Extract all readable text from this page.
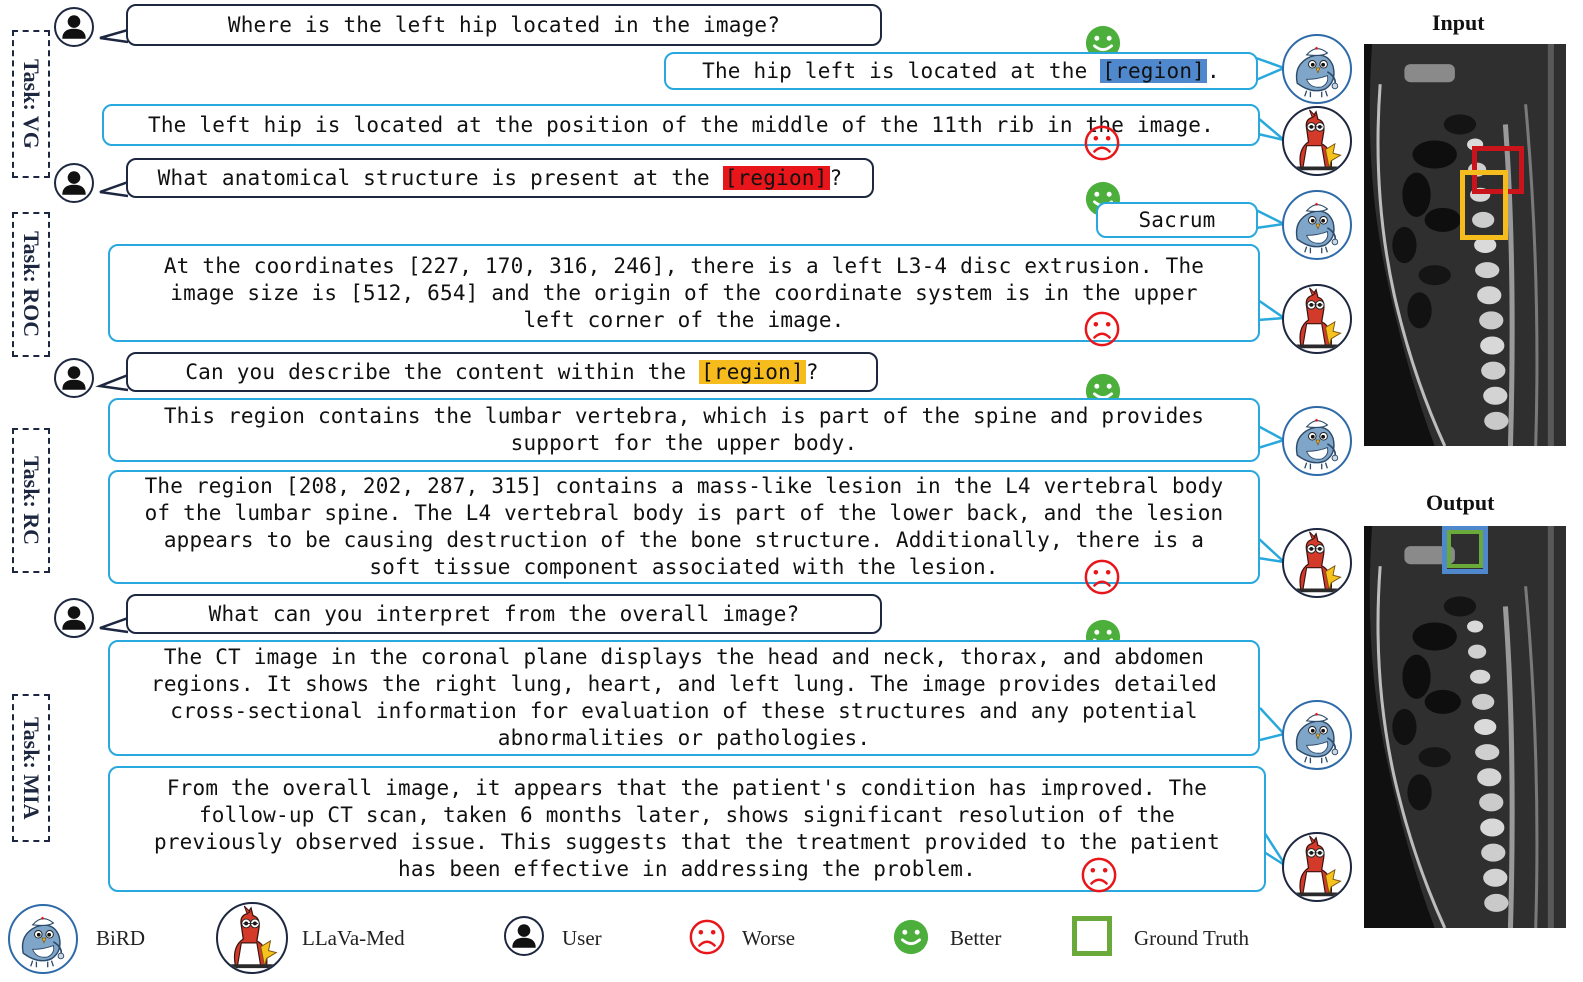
Task: VG
Task: ROC
Task: RC
Task: MIA
Where is the left hip located in the image?
The hip left is located at the [region].
The left hip is located at the position of the middle of the 11th rib in the image.
What anatomical structure is present at the [region]?
Sacrum
At the coordinates [227, 170, 316, 246], there is a left L3-4 disc extrusion. The
image size is [512, 654] and the origin of the coordinate system is in the upper
left corner of the image.
Can you describe the content within the [region]?
This region contains the lumbar vertebra, which is part of the spine and provides
support for the upper body.
The region [208, 202, 287, 315] contains a mass-like lesion in the L4 vertebral body
of the lumbar spine. The L4 vertebral body is part of the lower back, and the lesion
appears to be causing destruction of the bone structure. Additionally, there is a
soft tissue component associated with the lesion.
What can you interpret from the overall image?
The CT image in the coronal plane displays the head and neck, thorax, and abdomen
regions. It shows the right lung, heart, and left lung. The image provides detailed
cross-sectional information for evaluation of these structures and any potential
abnormalities or pathologies.
From the overall image, it appears that the patient's condition has improved. The
follow-up CT scan, taken 6 months later, shows significant resolution of the
previously observed issue. This suggests that the treatment provided to the patient
has been effective in addressing the problem.
Input
Output
BiRD	LLaVa-Med	User	Worse	Better	Ground Truth
